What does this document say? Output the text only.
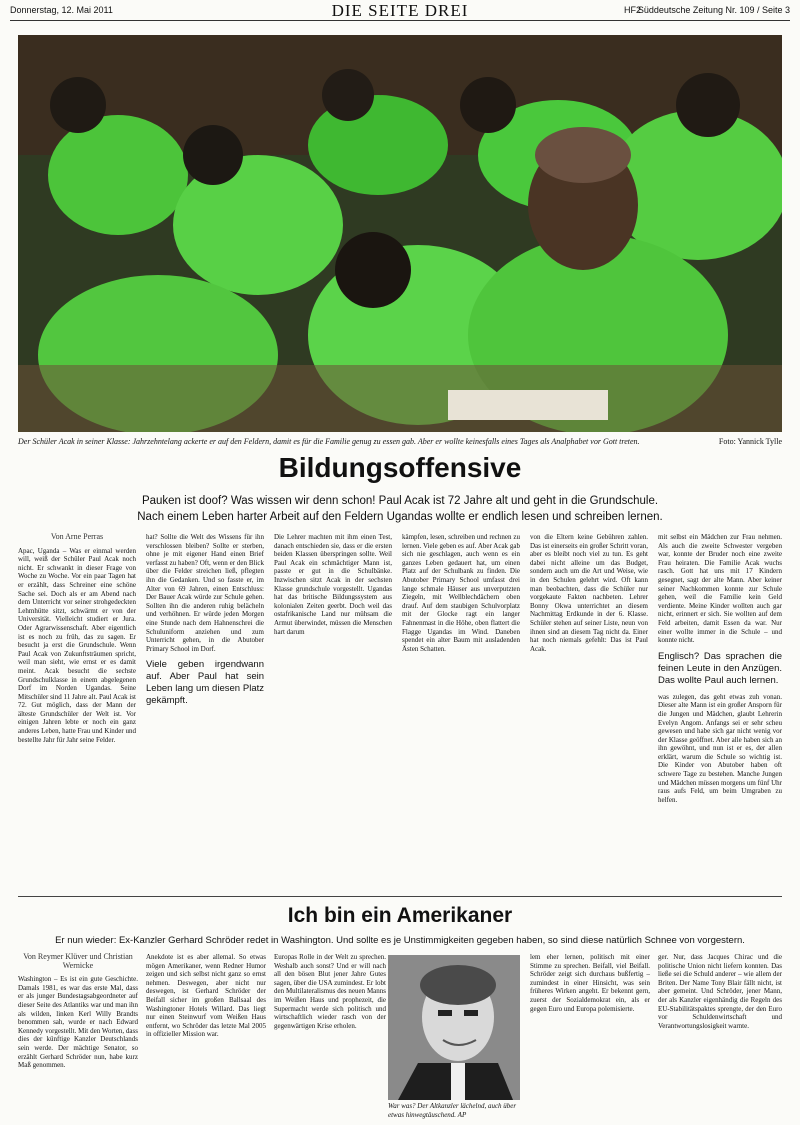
Donnerstag, 12. Mai 2011	DIE SEITE DREI	HF2
Süddeutsche Zeitung Nr. 109 / Seite 3
Der Schüler Acak in seiner Klasse: Jahrzehntelang ackerte er auf den Feldern, damit es für die Familie genug zu essen gab. Aber er wollte keinesfalls eines Tages als Analphabet vor Gott treten.	Foto: Yannick Tylle
Bildungsoffensive
Pauken ist doof? Was wissen wir denn schon! Paul Acak ist 72 Jahre alt und geht in die Grundschule.
Nach einem Leben harter Arbeit auf den Feldern Ugandas wollte er endlich lesen und schreiben lernen.
Von Arne Perras
Apac, Uganda – Was er einmal werden will, weiß der Schüler Paul Acak noch nicht. Er schwankt in dieser Frage von Woche zu Woche. Vor ein paar Tagen hat er erzählt, dass Schreiner eine schöne Sache sei. Doch als er am Abend nach dem Unterricht vor seiner strohgedeckten Lehmhütte sitzt, schwärmt er von der Universität. Vielleicht studiert er Jura. Oder Agrarwissenschaft. Aber eigentlich ist es noch zu früh, das zu sagen. Er besucht ja erst die Grundschule. Wenn Paul Acak von Zukunftsträumen spricht, weil man sieht, wie ernst er es damit meint. Acak besucht die sechste Grundschulklasse in einem abgelegenen Dorf im Norden Ugandas. Seine Mitschüler sind 11 Jahre alt. Paul Acak ist 72. Gut möglich, dass der Mann der älteste Grundschüler der Welt ist. Vor einigen Jahren lebte er noch ein ganz anderes Leben, hatte Frau und Kinder und bestellte Jahr für Jahr seine Felder.
hat? Sollte die Welt des Wissens für ihn verschlossen bleiben? Sollte er sterben, ohne je mit eigener Hand einen Brief verfasst zu haben? Oft, wenn er den Blick über die Felder streichen ließ, pflegten ihn die Gedanken. Und so fasste er, im Alter von 69 Jahren, einen Entschluss: Der Bauer Acak würde zur Schule gehen. Sollten ihn die anderen ruhig belächeln und verhöhnen. Er würde jeden Morgen eine Stunde nach dem Hahnenschrei die Schuluniform anziehen und zum Unterricht gehen, in die Abutober Primary School im Dorf.
Viele geben irgendwann auf. Aber Paul hat sein Leben lang um diesen Platz gekämpft.
Die Lehrer machten mit ihm einen Test, danach entschieden sie, dass er die ersten beiden Klassen überspringen sollte. Weil Paul Acak ein schmächtiger Mann ist, passte er gut in die Schulbänke. Inzwischen sitzt Acak in der sechsten Klasse grundschule vorgestellt. Ugandas hat das britische Bildungssystem aus kolonialen Zeiten geerbt. Doch weil das ostafrikanische Land nur mühsam die Armut überwindet, müssen die Menschen hart darum
kämpfen, lesen, schreiben und rechnen zu lernen. Viele geben es auf. Aber Acak gab sich nie geschlagen, auch wenn es ein ganzes Leben gedauert hat, um einen Platz auf der Schulbank zu finden. Die Abutober Primary School umfasst drei lange schmale Häuser aus unverputzten Ziegeln, mit Wellblechdächern oben drauf. Auf dem staubigen Schulvorplatz mit der Glocke ragt ein langer Fahnenmast in die Höhe, oben flattert die Flagge Ugandas im Wind. Daneben spendet ein alter Baum mit ausladenden Ästen Schatten.
von die Eltern keine Gebühren zahlen. Das ist einerseits ein großer Schritt voran, aber es bleibt noch viel zu tun. Es geht dabei nicht alleine um das Budget, sondern auch um die Art und Weise, wie in den Schulen gelehrt wird. Oft kann man beobachten, dass die Schüler nur vorgekaute Fakten nachbeten. Lehrer Bonny Okwa unterrichtet an diesem Nachmittag Erdkunde in der 6. Klasse. Schüler stehen auf seiner Liste, neun von ihnen sind an diesem Tag nicht da. Einer hat noch niemals gefehlt: Das ist Paul Acak.
mit selbst ein Mädchen zur Frau nehmen. Als auch die zweite Schwester vergeben war, konnte der Bruder noch eine zweite Frau heiraten. Die Familie Acak wuchs rasch. Gott hat uns mit 17 Kindern gesegnet, sagt der alte Mann. Aber keiner seiner Nachkommen konnte zur Schule gehen, weil die Familie kein Geld verdiente. Meine Kinder wollten auch gar nicht, erinnert er sich. Sie wollten auf dem Feld arbeiten, damit Essen da war. Nur einer wollte immer in die Schule – und konnte nicht.
Englisch? Das sprachen die feinen Leute in den Anzügen. Das wollte Paul auch lernen.
was zulegen, das geht etwas zuh vonan. Dieser alte Mann ist ein großer Ansporn für die Jungen und Mädchen, glaubt Lehrerin Evelyn Angom. Anfangs sei er sehr scheu gewesen und habe sich gar nicht wenig vor der Klasse geöffnet. Aber alle haben sich an ihn gewöhnt, und nun ist er es, der allen erklärt, warum die Schule so wichtig ist. Die Kinder von Abutober haben oft schwere Tage zu bestehen. Manche Jungen und Mädchen müssen morgens um fünf Uhr raus aufs Feld, um beim Umgraben zu helfen.
Ich bin ein Amerikaner
Er nun wieder: Ex-Kanzler Gerhard Schröder redet in Washington. Und sollte es je Unstimmigkeiten gegeben haben, so sind diese natürlich Schnee von vorgestern.
Von Reymer Klüver und Christian Wernicke
Washington – Es ist ein gute Geschichte. Damals 1981, es war das erste Mal, dass er als junger Bundestagsabgeordneter auf dieser Seite des Atlantiks war und man ihn als wilden, linken Kerl Willy Brandts benommen sah, wurde er nach Edward Kennedy vorgestellt. Mit den Worten, dass dies der künftige Kanzler Deutschlands sein werde. Der mächtige Senator, so erzählt Gerhard Schröder nun, habe kurz Maß genommen.
Anekdote ist es aber allemal. So etwas mögen Amerikaner, wenn Redner Humor zeigen und sich selbst nicht ganz so ernst nehmen. Deswegen, aber nicht nur deswegen, ist Gerhard Schröder der Beifall sicher im großen Ballsaal des Washingtoner Hotels Willard. Das liegt nur einen Steinwurf vom Weißen Haus entfernt, wo Schröder das letzte Mal 2005 in offizieller Mission war.
Europas Rolle in der Welt zu sprechen. Weshalb auch sonst? Und er will nach all den bösen Blut jener Jahre Gutes sagen, über die USA zumindest. Er lobt den Multilateralismus des neuen Manns im Weißen Haus und prophezeit, die Supermacht werde sich politisch und wirtschaftlich wieder rasch von der gegenwärtigen Krise erholen.
lem eher lernen, politisch mit einer Stimme zu sprechen. Beifall, viel Beifall. Schröder zeigt sich durchaus bußfertig – zumindest in einer Hinsicht, was sein früheres Wirken angeht. Er bekennt gern, zuerst der Sozialdemokrat ein, als er gegen Euro und Europa polemisierte.
ger. Nur, dass Jacques Chirac und die politische Union nicht liefern konnten. Das ließe sei die Schuld anderer – wie allem der Briten. Der Name Tony Blair fällt nicht, ist aber gemeint. Und Schröder, jener Mann, der als Kanzler eigenhändig die Regeln des EU-Stabilitätspaktes sprengte, der den Euro vor Schuldenwirtschaft und Verantwortungslosigkeit warnte.
War was? Der Altkanzler lächelnd, auch über etwas hinwegtäuschend. AP
